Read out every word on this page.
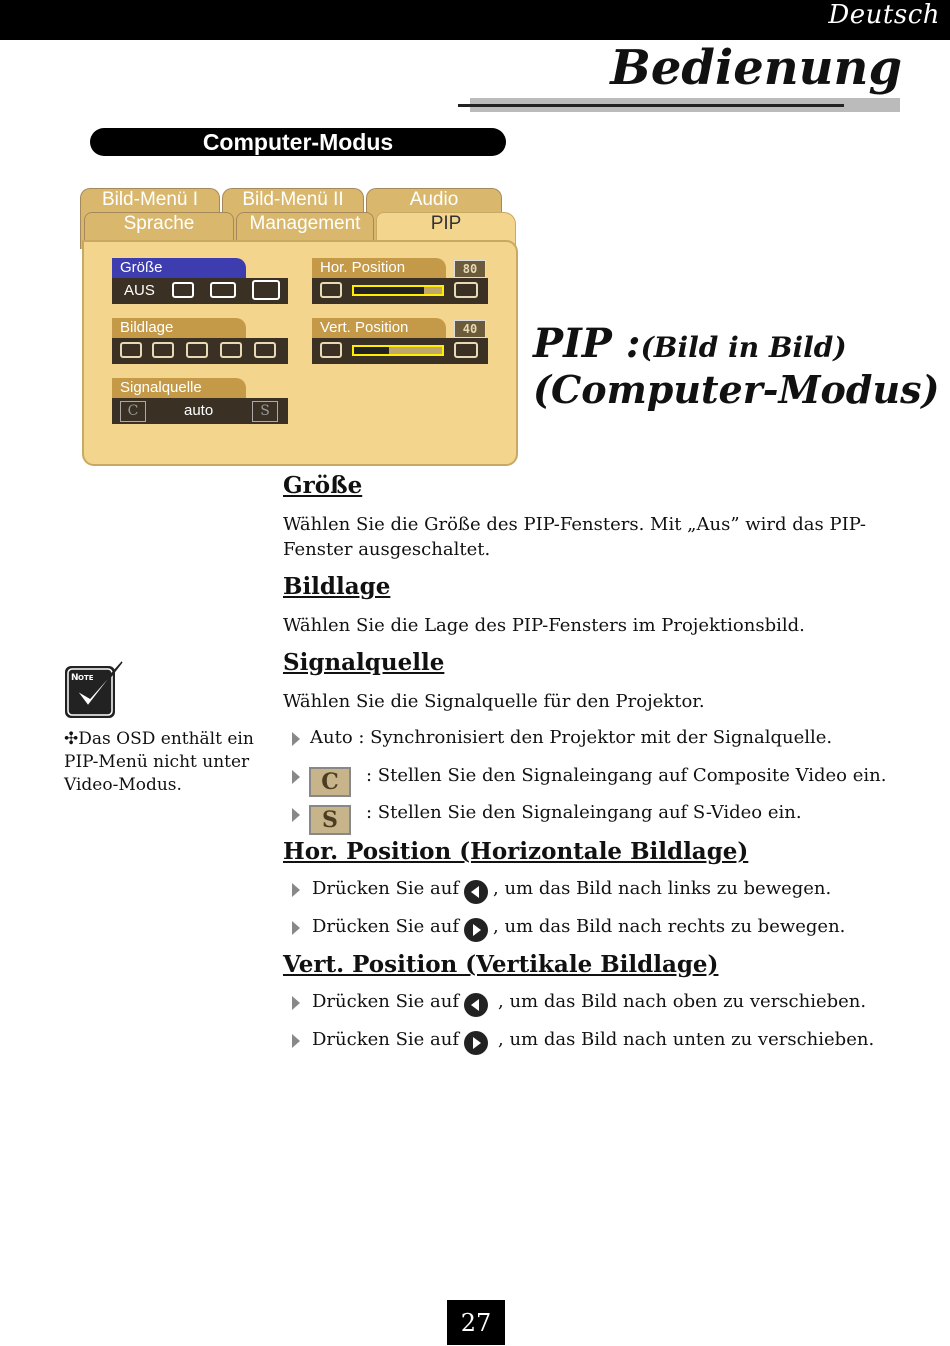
Deutsch
Bedienung
Computer-Modus
Bild-Menü I	Bild-Menü II	Audio
Sprache	Management	PIP
Größe
AUS
Bildlage
Signalquelle
C	auto	S
Hor. Position	80
Vert. Position	40 PIP :(Bild in Bild)
(Computer-Modus)
Größe
Wählen Sie die Größe des PIP-Fensters. Mit „Aus” wird das PIP-Fenster ausgeschaltet.
Bildlage
Wählen Sie die Lage des PIP-Fensters im Projektionsbild.
Signalquelle
Wählen Sie die Signalquelle für den Projektor.
Auto : Synchronisiert den Projektor mit der Signalquelle.
C	: Stellen Sie den Signaleingang auf Composite Video ein.
S	: Stellen Sie den Signaleingang auf S-Video ein.
Hor. Position (Horizontale Bildlage)
Drücken Sie auf , um das Bild nach links zu bewegen.
Drücken Sie auf , um das Bild nach rechts zu bewegen.
Vert. Position (Vertikale Bildlage)
Drücken Sie auf , um das Bild nach oben zu verschieben.
Drücken Sie auf , um das Bild nach unten zu verschieben.
N OTE
✣Das OSD enthält ein PIP-Menü nicht unter Video-Modus.
27
